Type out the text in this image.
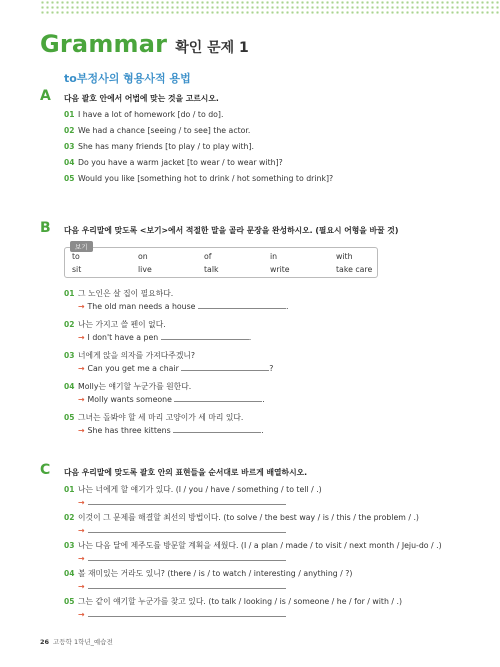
Grammar 확인 문제 1
to부정사의 형용사적 용법
A 다음 괄호 안에서 어법에 맞는 것을 고르시오.
01 I have a lot of homework [do / to do].
02 We had a chance [seeing / to see] the actor.
03 She has many friends [to play / to play with].
04 Do you have a warm jacket [to wear / to wear with]?
05 Would you like [something hot to drink / hot something to drink]?
B 다음 우리말에 맞도록 <보기>에서 적절한 말을 골라 문장을 완성하시오. (필요시 어형을 바꿀 것)
보기
to	on	of	in	with
sit	live	talk	write	take care
01 그 노인은 살 집이 필요하다.
→ The old man needs a house	.
02 나는 가지고 쓸 펜이 없다.
→ I don't have a pen	.
03 너에게 앉을 의자를 가져다주겠니?
→ Can you get me a chair	?
04 Molly는 얘기할 누군가를 원한다.
→ Molly wants someone	.
05 그녀는 돌봐야 할 세 마리 고양이가 세 마리 있다.
→ She has three kittens	.
C 다음 우리말에 맞도록 괄호 안의 표현들을 순서대로 바르게 배열하시오.
01 나는 너에게 할 얘기가 있다. (I / you / have / something / to tell / .)
→
02 이것이 그 문제를 해결할 최선의 방법이다. (to solve / the best way / is / this / the problem / .)
→
03 나는 다음 달에 제주도를 방문할 계획을 세웠다. (I / a plan / made / to visit / next month / Jeju-do / .)
→
04 볼 재미있는 거라도 있니? (there / is / to watch / interesting / anything / ?)
→
05 그는 같이 얘기할 누군가를 찾고 있다. (to talk / looking / is / someone / he / for / with / .)
→
26 고등학 1학년_예습전
